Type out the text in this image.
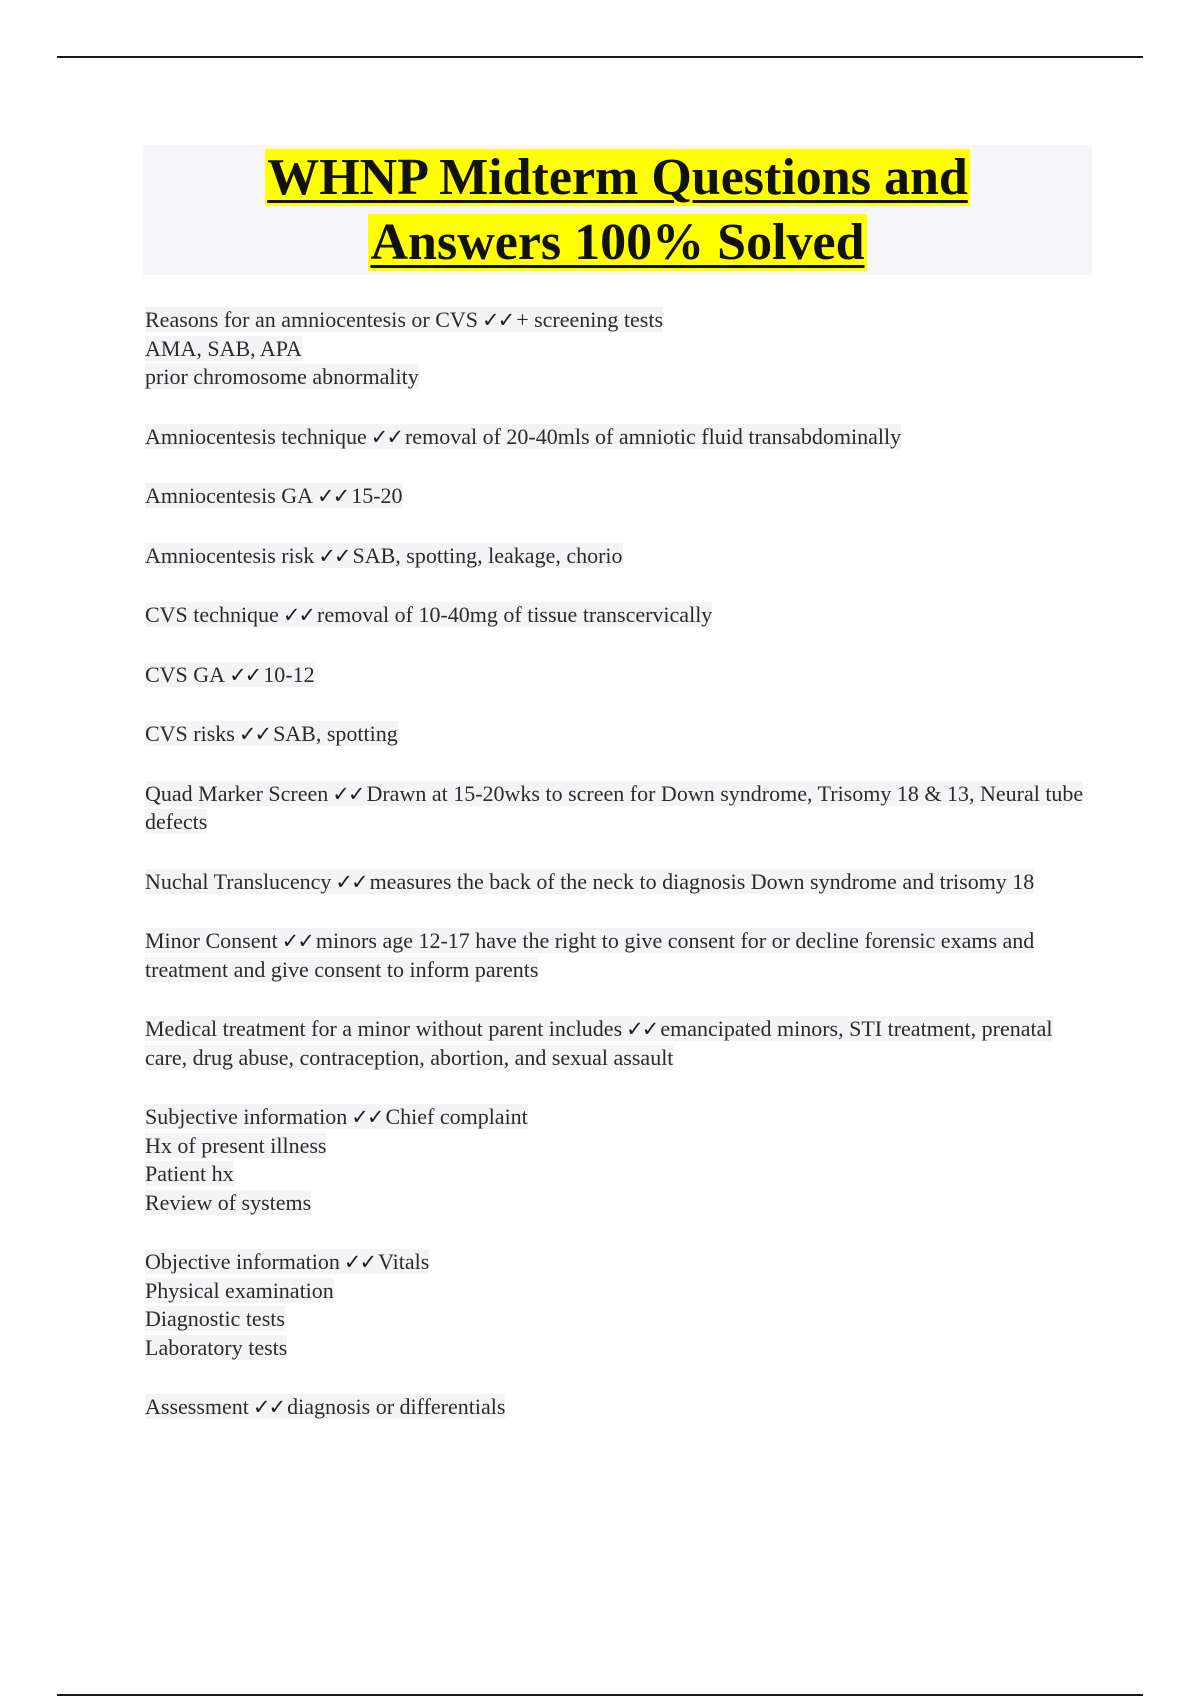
WHNP Midterm Questions and
Answers 100% Solved
Reasons for an amniocentesis or CVS ✓✓ + screening tests
AMA, SAB, APA
prior chromosome abnormality
Amniocentesis technique ✓✓ removal of 20-40mls of amniotic fluid transabdominally
Amniocentesis GA ✓✓ 15-20
Amniocentesis risk ✓✓ SAB, spotting, leakage, chorio
CVS technique ✓✓ removal of 10-40mg of tissue transcervically
CVS GA ✓✓ 10-12
CVS risks ✓✓ SAB, spotting
Quad Marker Screen ✓✓ Drawn at 15-20wks to screen for Down syndrome, Trisomy 18 & 13, Neural tube defects
Nuchal Translucency ✓✓ measures the back of the neck to diagnosis Down syndrome and trisomy 18
Minor Consent ✓✓ minors age 12-17 have the right to give consent for or decline forensic exams and treatment and give consent to inform parents
Medical treatment for a minor without parent includes ✓✓ emancipated minors, STI treatment, prenatal care, drug abuse, contraception, abortion, and sexual assault
Subjective information ✓✓ Chief complaint
Hx of present illness
Patient hx
Review of systems
Objective information ✓✓ Vitals
Physical examination
Diagnostic tests
Laboratory tests
Assessment ✓✓ diagnosis or differentials
